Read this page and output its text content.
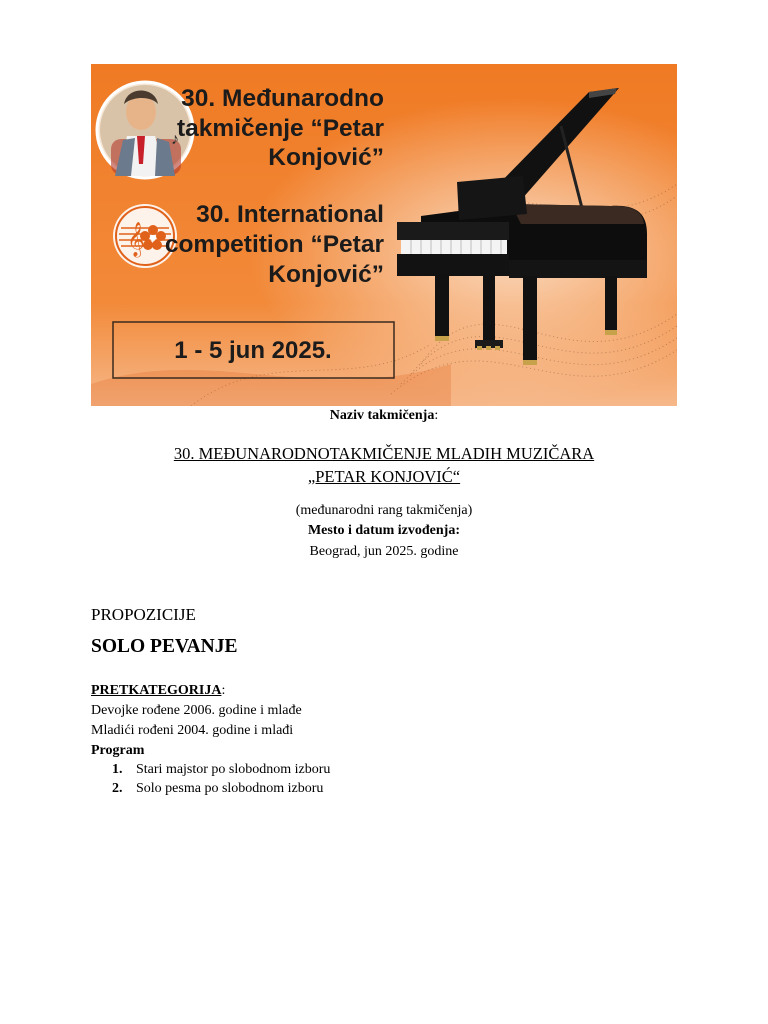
♪
𝄞
30. Međunarodno
takmičenje “Petar
Konjović”
30. International
competition “Petar
Konjović”
1 - 5 jun 2025.
Naziv takmičenja:
30. MEĐUNARODNOTAKMIČENJE MLADIH MUZIČARA
„PETAR KONJOVIĆ“
(međunarodni rang takmičenja)
Mesto i datum izvođenja:
Beograd, jun 2025. godine
PROPOZICIJE
SOLO PEVANJE
PRETKATEGORIJA:
Devojke rođene 2006. godine i mlađe
Mladići rođeni 2004. godine i mlađi
Program
1. Stari majstor po slobodnom izboru
2. Solo pesma po slobodnom izboru
